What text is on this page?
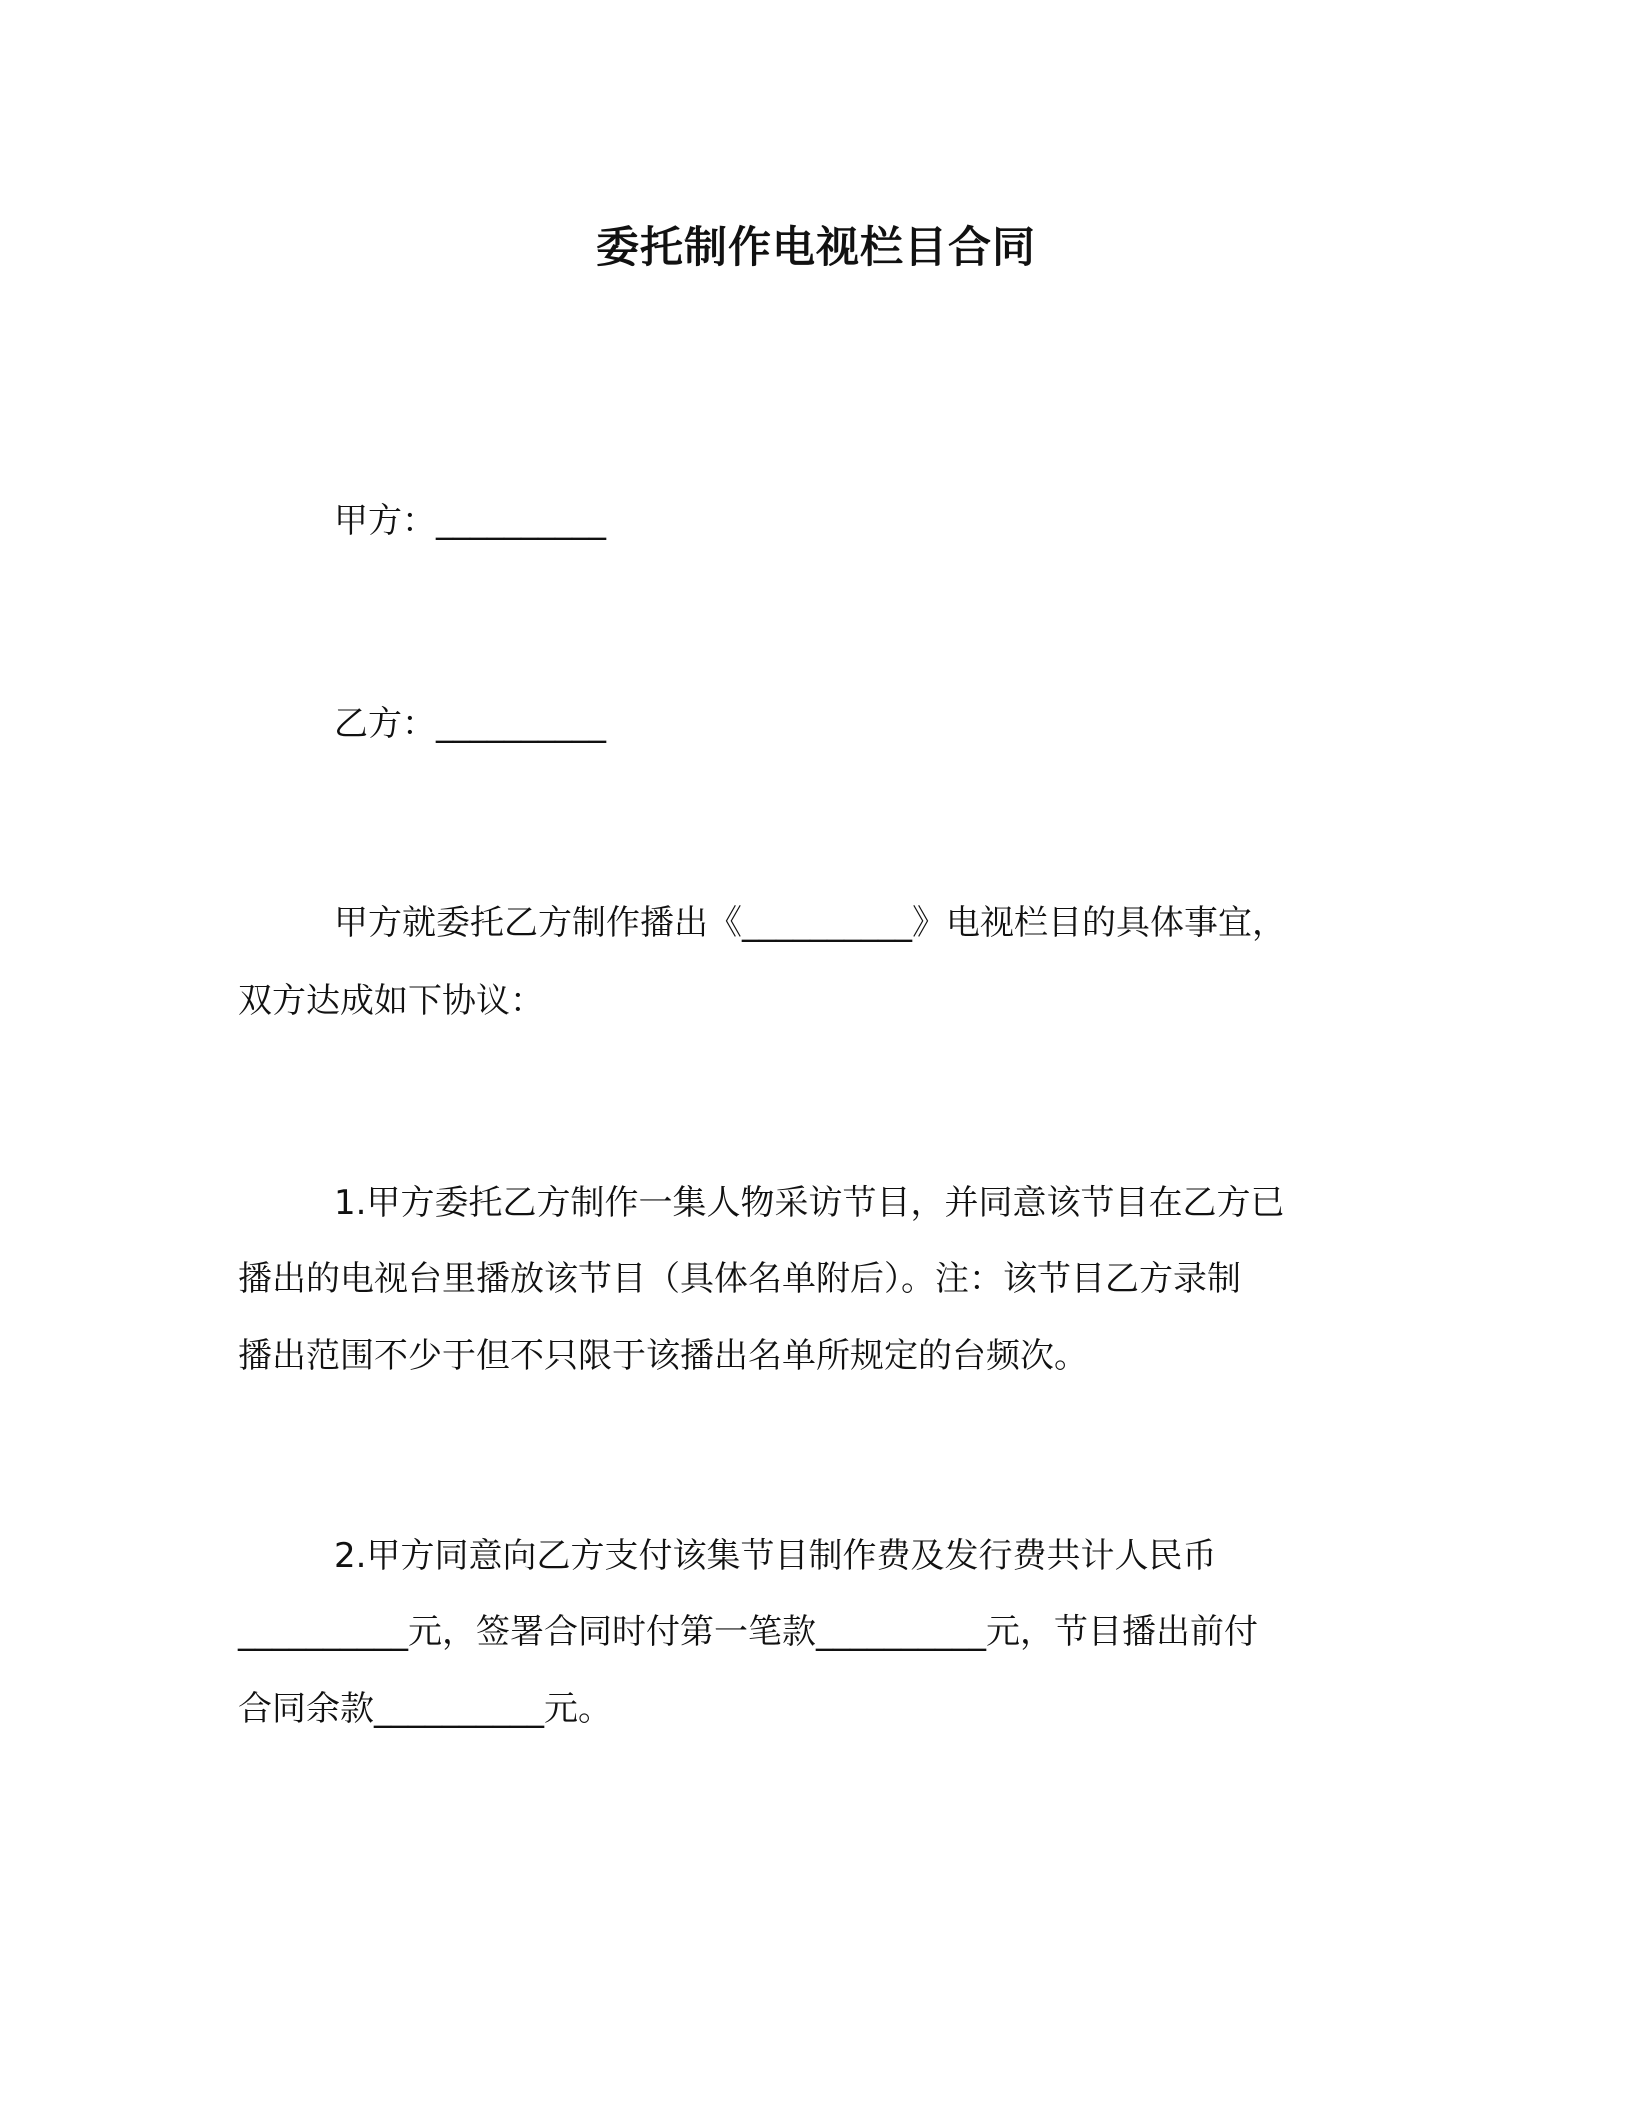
委托制作电视栏目合同
甲方：__________
乙方：__________
甲方就委托乙方制作播出《__________》电视栏目的具体事宜，
双方达成如下协议：
1.甲方委托乙方制作一集人物采访节目，并同意该节目在乙方已
播出的电视台里播放该节目（具体名单附后）。注：该节目乙方录制
播出范围不少于但不只限于该播出名单所规定的台频次。
2.甲方同意向乙方支付该集节目制作费及发行费共计人民币
__________元，签署合同时付第一笔款__________元，节目播出前付
合同余款__________元。
